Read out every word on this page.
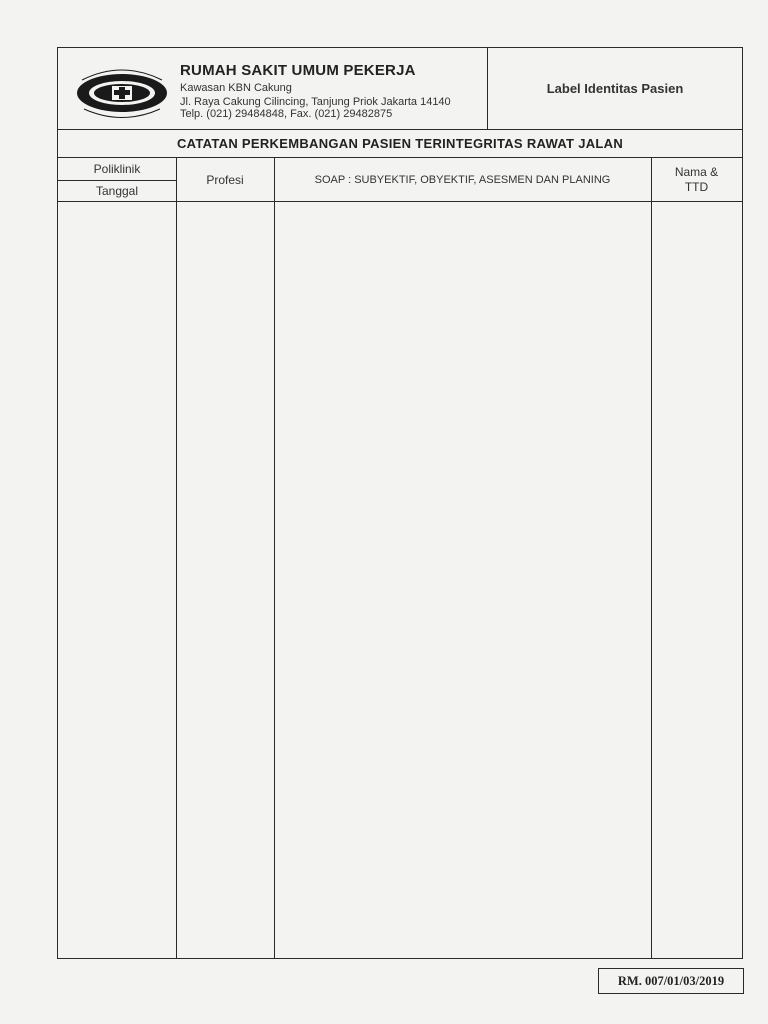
RUMAH SAKIT UMUM PEKERJA
Kawasan KBN Cakung
Jl. Raya Cakung Cilincing, Tanjung Priok Jakarta 14140
Telp. (021) 29484848, Fax. (021) 29482875
Label Identitas Pasien
CATATAN PERKEMBANGAN PASIEN TERINTEGRITAS RAWAT JALAN
Poliklinik
Tanggal
Profesi	SOAP : SUBYEKTIF, OBYEKTIF, ASESMEN DAN PLANING
Nama &
TTD
RM. 007/01/03/2019
